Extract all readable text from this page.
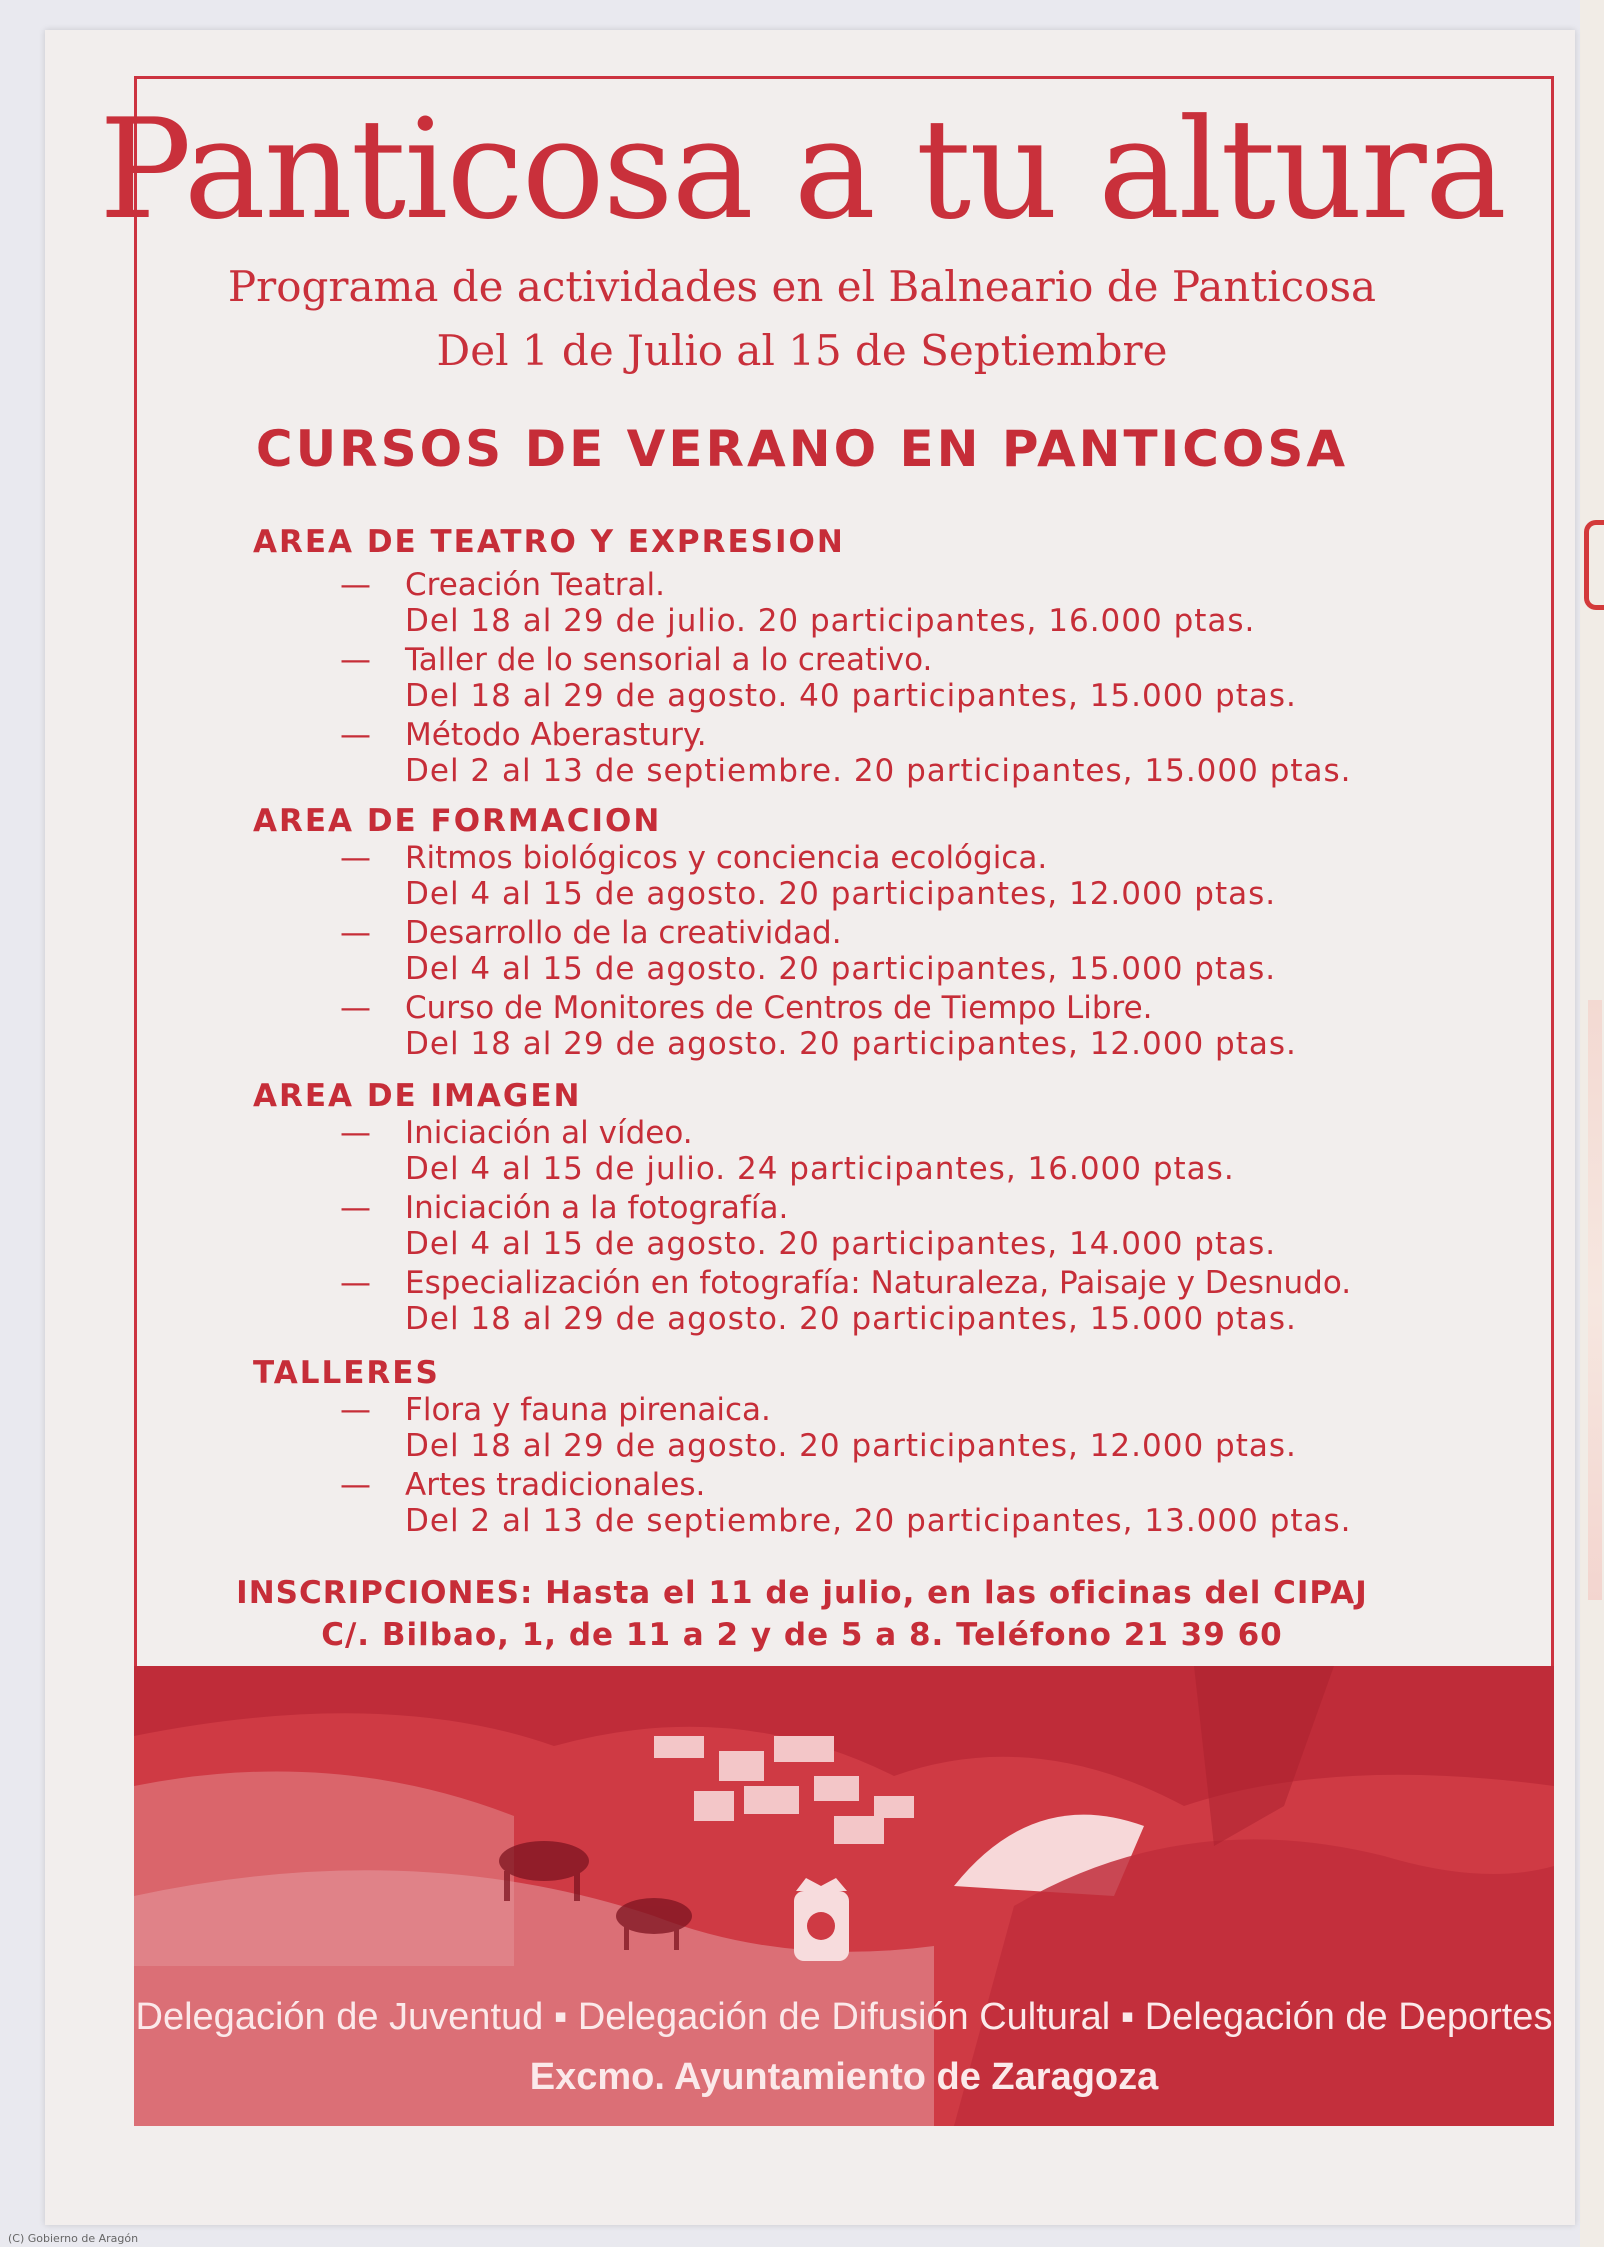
Panticosa a tu altura
Programa de actividades en el Balneario de Panticosa
Del 1 de Julio al 15 de Septiembre
CURSOS DE VERANO EN PANTICOSA
AREA DE TEATRO Y EXPRESION
— Creación Teatral.
Del 18 al 29 de julio. 20 participantes, 16.000 ptas.
— Taller de lo sensorial a lo creativo.
Del 18 al 29 de agosto. 40 participantes, 15.000 ptas.
— Método Aberastury.
Del 2 al 13 de septiembre. 20 participantes, 15.000 ptas.
AREA DE FORMACION
— Ritmos biológicos y conciencia ecológica.
Del 4 al 15 de agosto. 20 participantes, 12.000 ptas.
— Desarrollo de la creatividad.
Del 4 al 15 de agosto. 20 participantes, 15.000 ptas.
— Curso de Monitores de Centros de Tiempo Libre.
Del 18 al 29 de agosto. 20 participantes, 12.000 ptas.
AREA DE IMAGEN
— Iniciación al vídeo.
Del 4 al 15 de julio. 24 participantes, 16.000 ptas.
— Iniciación a la fotografía.
Del 4 al 15 de agosto. 20 participantes, 14.000 ptas.
— Especialización en fotografía: Naturaleza, Paisaje y Desnudo.
Del 18 al 29 de agosto. 20 participantes, 15.000 ptas.
TALLERES
— Flora y fauna pirenaica.
Del 18 al 29 de agosto. 20 participantes, 12.000 ptas.
— Artes tradicionales.
Del 2 al 13 de septiembre, 20 participantes, 13.000 ptas.
INSCRIPCIONES: Hasta el 11 de julio, en las oficinas del CIPAJ
C/. Bilbao, 1, de 11 a 2 y de 5 a 8. Teléfono 21 39 60
Delegación de Juventud ▪ Delegación de Difusión Cultural ▪ Delegación de Deportes
Excmo. Ayuntamiento de Zaragoza
(C) Gobierno de Aragón
